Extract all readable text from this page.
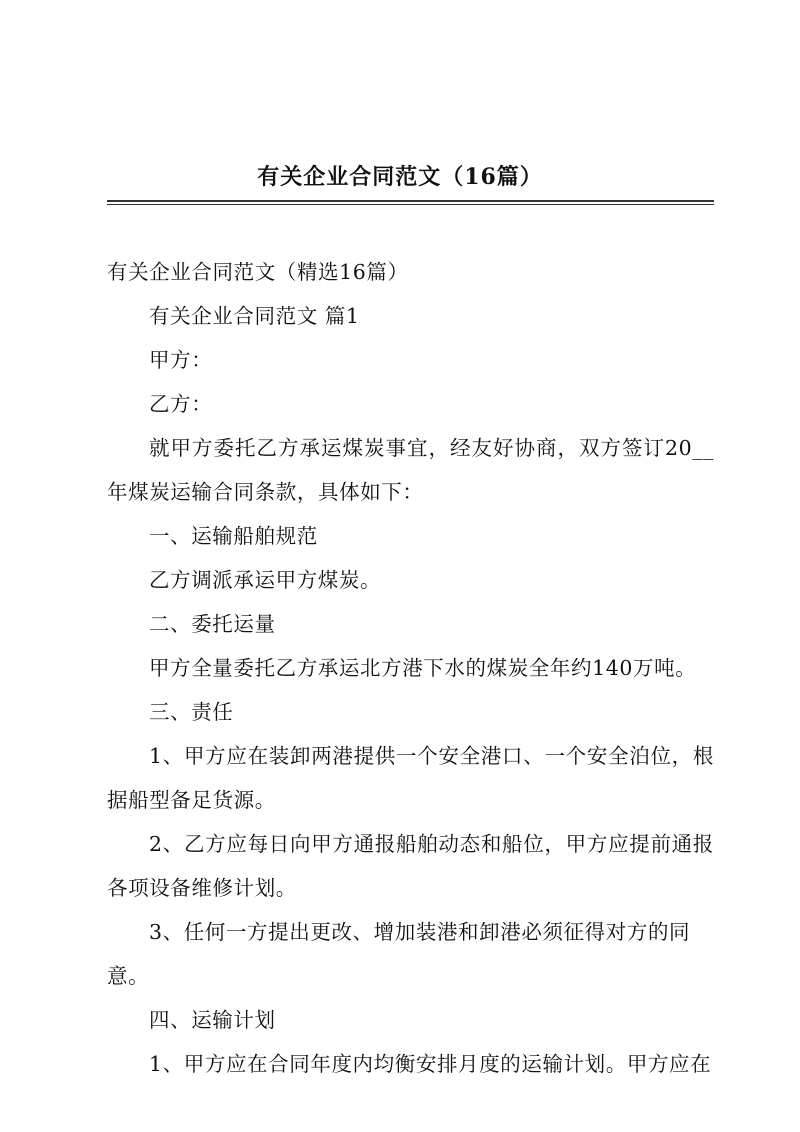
有关企业合同范文（16篇）

有关企业合同范文（精选16篇）

有关企业合同范文 篇1

甲方：

乙方：

就甲方委托乙方承运煤炭事宜，经友好协商，双方签订20__年煤炭运输合同条款，具体如下：

一、运输船舶规范

乙方调派承运甲方煤炭。

二、委托运量

甲方全量委托乙方承运北方港下水的煤炭全年约140万吨。

三、责任

1、甲方应在装卸两港提供一个安全港口、一个安全泊位，根据船型备足货源。

2、乙方应每日向甲方通报船舶动态和船位，甲方应提前通报各项设备维修计划。

3、任何一方提出更改、增加装港和卸港必须征得对方的同意。

四、运输计划

1、甲方应在合同年度内均衡安排月度的运输计划。甲方应在
